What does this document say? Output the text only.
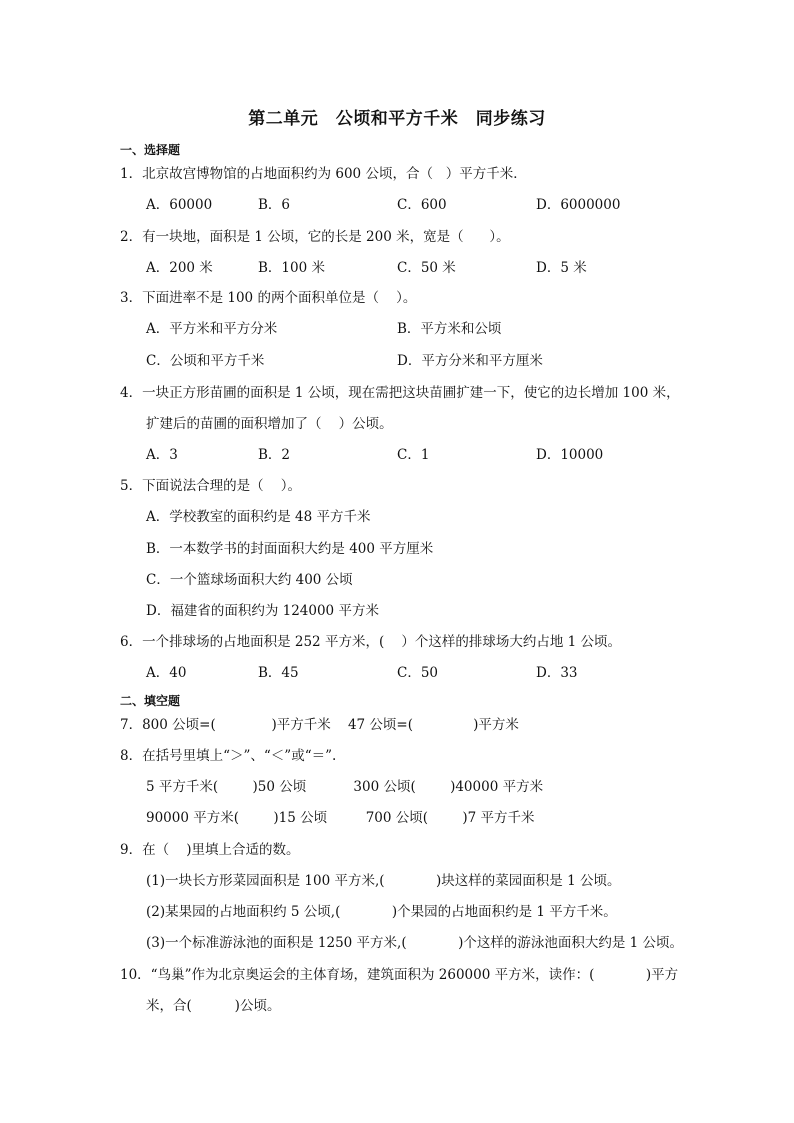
第二单元　公顷和平方千米　同步练习
一、选择题
1．北京故宫博物馆的占地面积约为 600 公顷，合（   ）平方千米．
A．60000	B．6	C．600	D．6000000
2．有一块地，面积是 1 公顷，它的长是 200 米，宽是（      ）。
A．200 米	B．100 米	C．50 米	D．5 米
3．下面进率不是 100 的两个面积单位是（    ）。
A．平方米和平方分米	B．平方米和公顷
C．公顷和平方千米	D．平方分米和平方厘米
4．一块正方形苗圃的面积是 1 公顷，现在需把这块苗圃扩建一下，使它的边长增加 100 米，
扩建后的苗圃的面积增加了（    ）公顷。
A．3	B．2	C．1	D．10000
5．下面说法合理的是（    ）。
A．学校教室的面积约是 48 平方千米
B．一本数学书的封面面积大约是 400 平方厘米
C．一个篮球场面积大约 400 公顷
D．福建省的面积约为 124000 平方米
6．一个排球场的占地面积是 252 平方米，(    ）个这样的排球场大约占地 1 公顷。
A．40	B．45	C．50	D．33
二、填空题
7．800 公顷=(             )平方千米    47 公顷=(              )平方米
8．在括号里填上“＞”、“＜”或“＝”.
5 平方千米(        )50 公顷           300 公顷(        )40000 平方米
90000 平方米(        )15 公顷         700 公顷(        )7 平方千米
9．在（    )里填上合适的数。
(1)一块长方形菜园面积是 100 平方米,(            )块这样的菜园面积是 1 公顷。
(2)某果园的占地面积约 5 公顷,(            )个果园的占地面积约是 1 平方千米。
(3)一个标准游泳池的面积是 1250 平方米,(            )个这样的游泳池面积大约是 1 公顷。
10．“鸟巢”作为北京奥运会的主体育场，建筑面积为 260000 平方米，读作：(            )平方
米，合(          )公顷。
